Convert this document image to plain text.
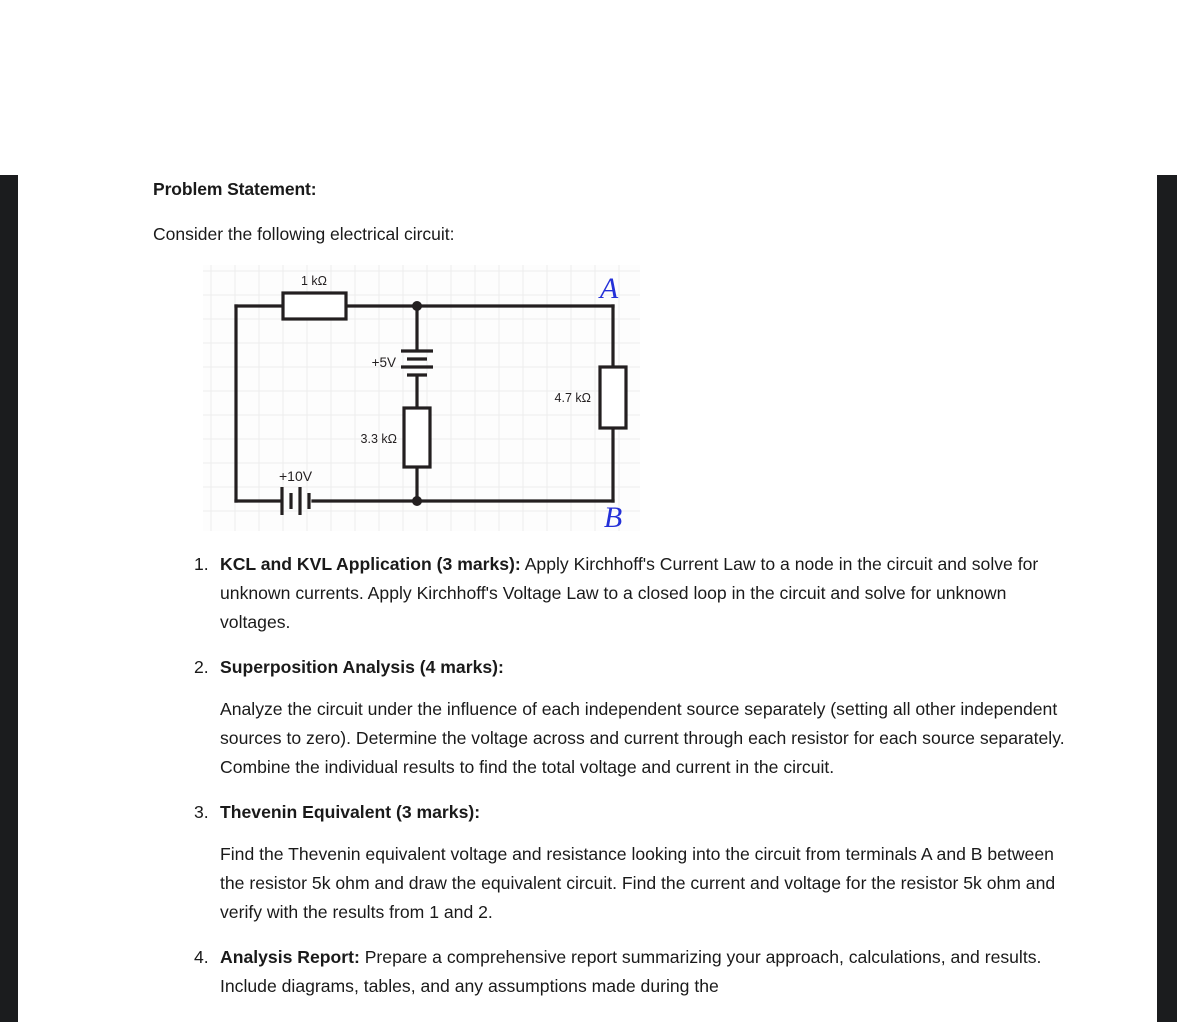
Problem Statement:

Consider the following electrical circuit:

1 kΩ
3.3 kΩ
4.7 kΩ
+5V
+10V
A
B
KCL and KVL Application (3 marks): Apply Kirchhoff's Current Law to a node in the circuit and solve for unknown currents. Apply Kirchhoff's Voltage Law to a closed loop in the circuit and solve for unknown voltages.
Superposition Analysis (4 marks):
Analyze the circuit under the influence of each independent source separately (setting all other independent sources to zero). Determine the voltage across and current through each resistor for each source separately. Combine the individual results to find the total voltage and current in the circuit.
Thevenin Equivalent (3 marks):
Find the Thevenin equivalent voltage and resistance looking into the circuit from terminals A and B between the resistor 5k ohm and draw the equivalent circuit. Find the current and voltage for the resistor 5k ohm and verify with the results from 1 and 2.
Analysis Report: Prepare a comprehensive report summarizing your approach, calculations, and results. Include diagrams, tables, and any assumptions made during the
